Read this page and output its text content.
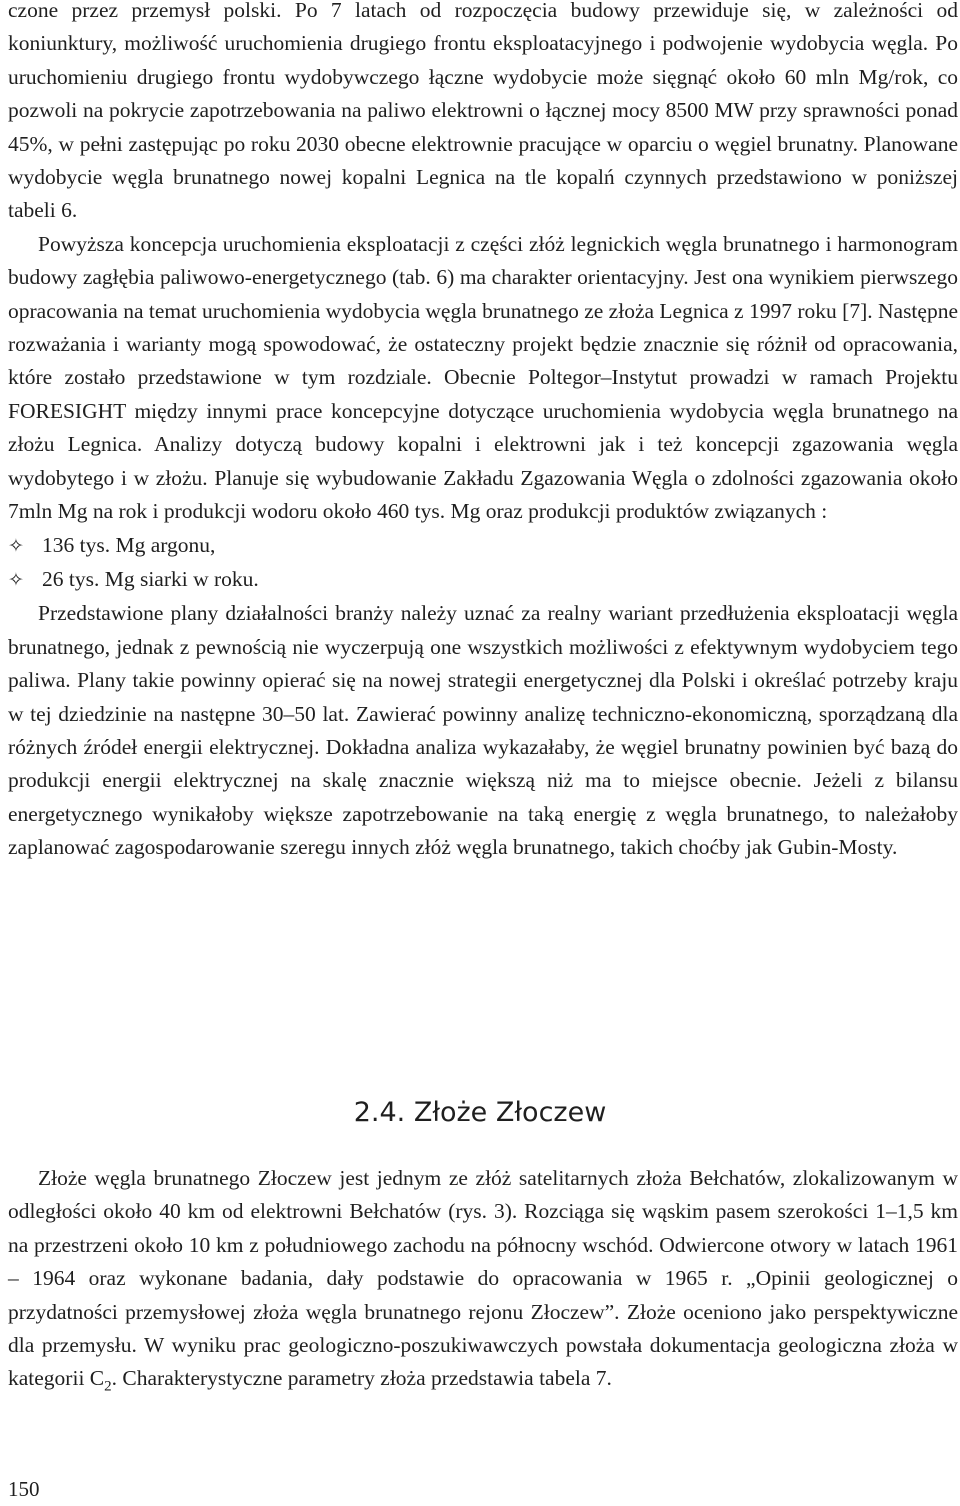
czone przez przemysł polski. Po 7 latach od rozpoczęcia budowy przewiduje się, w zależności od koniunktury, możliwość uruchomienia drugiego frontu eksploatacyjnego i podwojenie wydobycia węgla. Po uruchomieniu drugiego frontu wydobywczego łączne wydobycie może sięgnąć około 60 mln Mg/rok, co pozwoli na pokrycie zapotrzebowania na paliwo elektrowni o łącznej mocy 8500 MW przy sprawności ponad 45%, w pełni zastępując po roku 2030 obecne elektrownie pracujące w oparciu o węgiel brunatny. Planowane wydobycie węgla brunatnego nowej kopalni Legnica na tle kopalń czynnych przedstawiono w poniższej tabeli 6.

Powyższa koncepcja uruchomienia eksploatacji z części złóż legnickich węgla brunatnego i harmonogram budowy zagłębia paliwowo-energetycznego (tab. 6) ma charakter orientacyjny. Jest ona wynikiem pierwszego opracowania na temat uruchomienia wydobycia węgla brunatnego ze złoża Legnica z 1997 roku [7]. Następne rozważania i warianty mogą spowodować, że ostateczny projekt będzie znacznie się różnił od opracowania, które zostało przedstawione w tym rozdziale. Obecnie Poltegor–Instytut prowadzi w ramach Projektu FORESIGHT między innymi prace koncepcyjne dotyczące uruchomienia wydobycia węgla brunatnego na złożu Legnica. Analizy dotyczą budowy kopalni i elektrowni jak i też koncepcji zgazowania węgla wydobytego i w złożu. Planuje się wybudowanie Zakładu Zgazowania Węgla o zdolności zgazowania około 7mln Mg na rok i produkcji wodoru około 460 tys. Mg oraz produkcji produktów związanych :

✧ 136 tys. Mg argonu,
✧ 26 tys. Mg siarki w roku.

Przedstawione plany działalności branży należy uznać za realny wariant przedłużenia eksploatacji węgla brunatnego, jednak z pewnością nie wyczerpują one wszystkich możliwości z efektywnym wydobyciem tego paliwa. Plany takie powinny opierać się na nowej strategii energetycznej dla Polski i określać potrzeby kraju w tej dziedzinie na następne 30–50 lat. Zawierać powinny analizę techniczno-ekonomiczną, sporządzaną dla różnych źródeł energii elektrycznej. Dokładna analiza wykazałaby, że węgiel brunatny powinien być bazą do produkcji energii elektrycznej na skalę znacznie większą niż ma to miejsce obecnie. Jeżeli z bilansu energetycznego wynikałoby większe zapotrzebowanie na taką energię z węgla brunatnego, to należałoby zaplanować zagospodarowanie szeregu innych złóż węgla brunatnego, takich choćby jak Gubin-Mosty.

2.4. Złoże Złoczew

Złoże węgla brunatnego Złoczew jest jednym ze złóż satelitarnych złoża Bełchatów, zlokalizowanym w odległości około 40 km od elektrowni Bełchatów (rys. 3). Rozciąga się wąskim pasem szerokości 1–1,5 km na przestrzeni około 10 km z południowego zachodu na północny wschód. Odwiercone otwory w latach 1961 – 1964 oraz wykonane badania, dały podstawie do opracowania w 1965 r. „Opinii geologicznej o przydatności przemysłowej złoża węgla brunatnego rejonu Złoczew”. Złoże oceniono jako perspektywiczne dla przemysłu. W wyniku prac geologiczno-poszukiwawczych powstała dokumentacja geologiczna złoża w kategorii $C_2$. Charakterystyczne parametry złoża przedstawia tabela 7.

150
